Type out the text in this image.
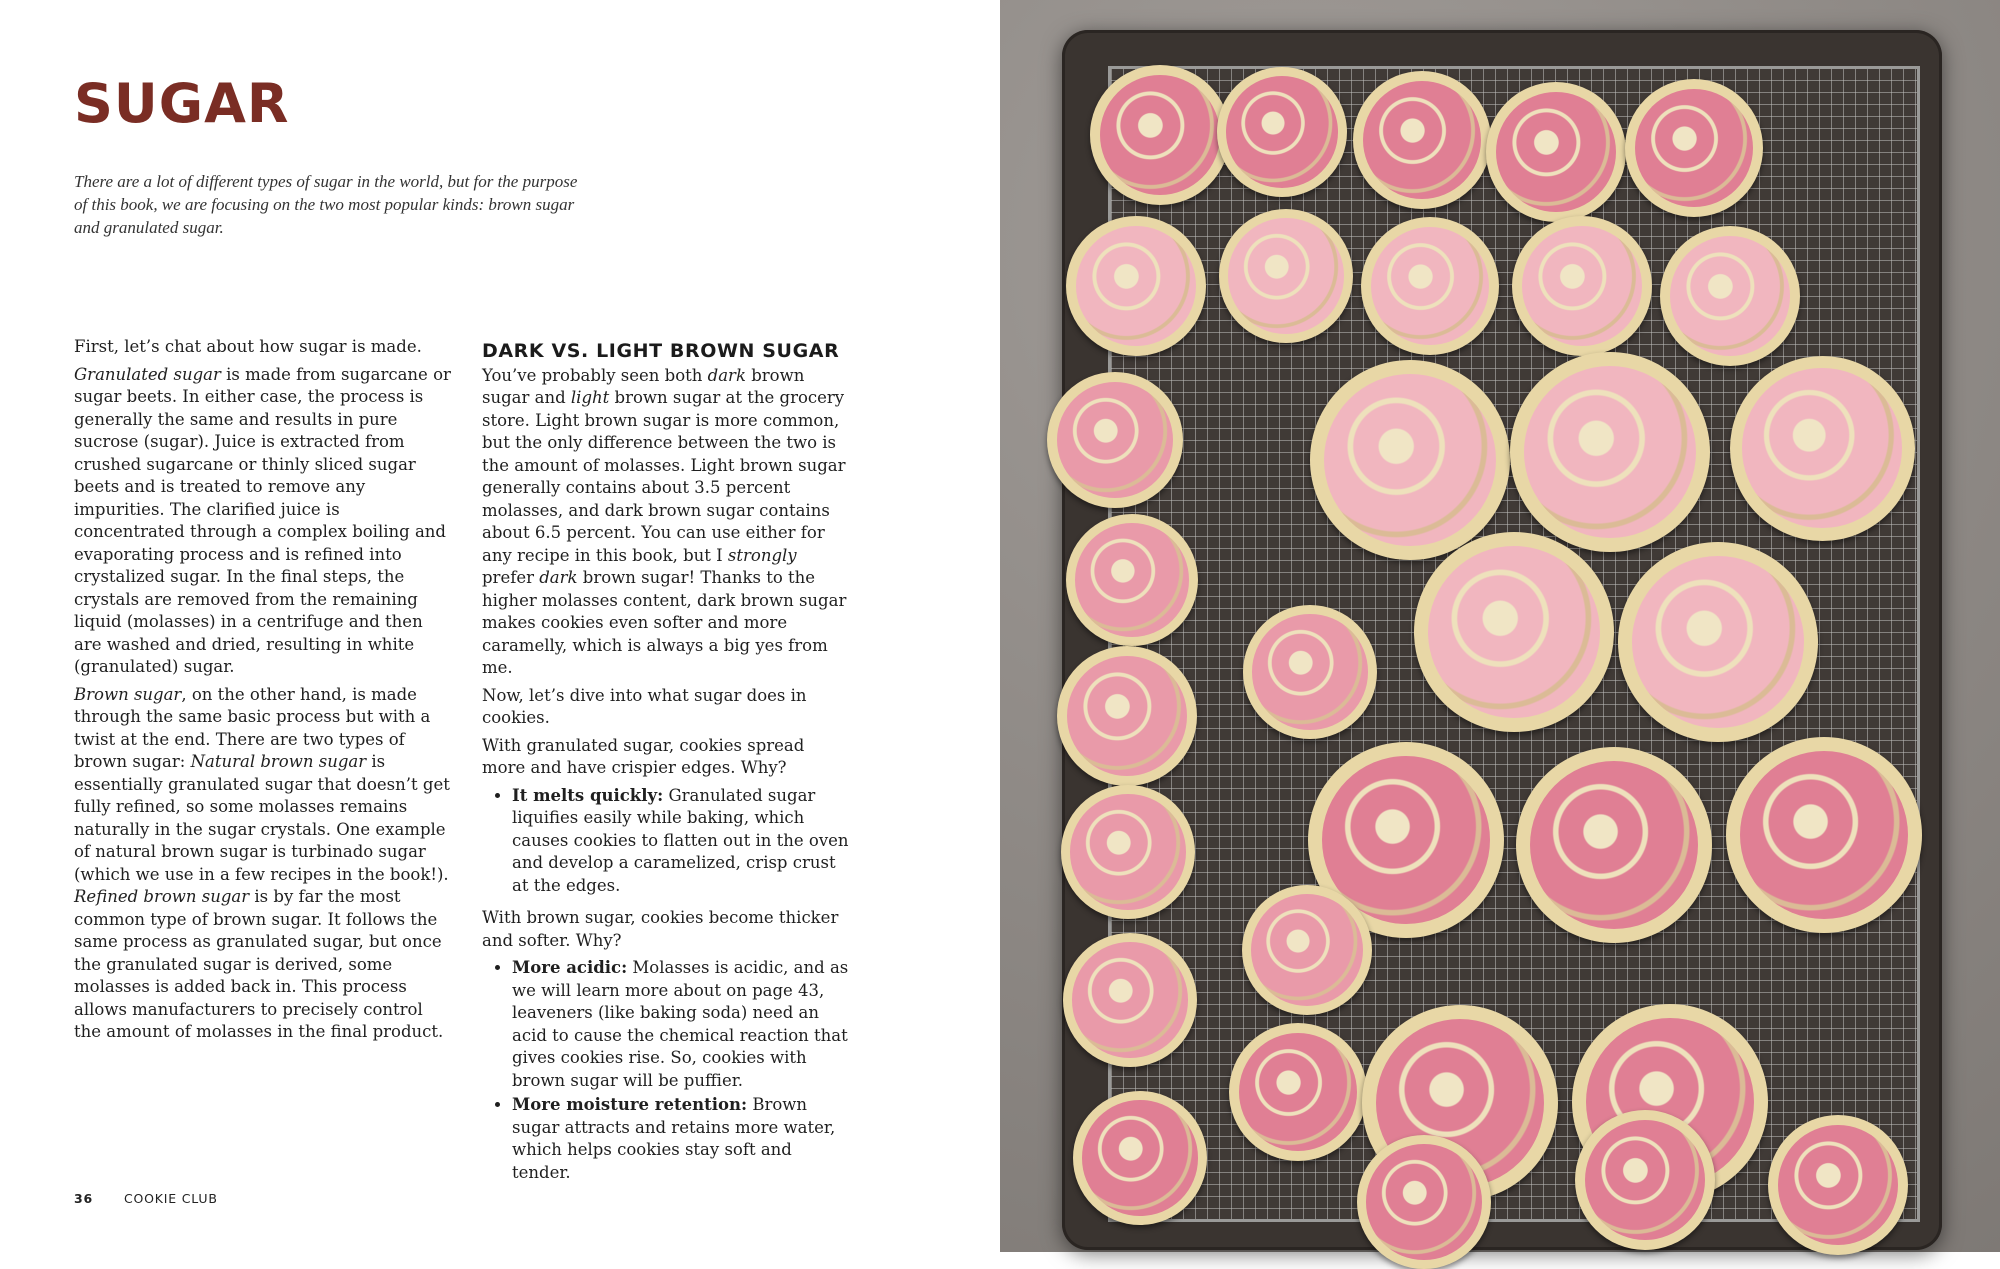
SUGAR

There are a lot of different types of sugar in the world, but for the purpose of this book, we are focusing on the two most popular kinds: brown sugar and granulated sugar.

First, let’s chat about how sugar is made.

Granulated sugar is made from sugarcane or sugar beets. In either case, the process is generally the same and results in pure sucrose (sugar). Juice is extracted from crushed sugarcane or thinly sliced sugar beets and is treated to remove any impurities. The clarified juice is concentrated through a complex boiling and evaporating process and is refined into crystalized sugar. In the final steps, the crystals are removed from the remaining liquid (molasses) in a centrifuge and then are washed and dried, resulting in white (granulated) sugar.

Brown sugar, on the other hand, is made through the same basic process but with a twist at the end. There are two types of brown sugar: Natural brown sugar is essentially granulated sugar that doesn’t get fully refined, so some molasses remains naturally in the sugar crystals. One example of natural brown sugar is turbinado sugar (which we use in a few recipes in the book!). Refined brown sugar is by far the most common type of brown sugar. It follows the same process as granulated sugar, but once the granulated sugar is derived, some molasses is added back in. This process allows manufacturers to precisely control the amount of molasses in the final product.

DARK VS. LIGHT BROWN SUGAR

You’ve probably seen both dark brown sugar and light brown sugar at the grocery store. Light brown sugar is more common, but the only difference between the two is the amount of molasses. Light brown sugar generally contains about 3.5 percent molasses, and dark brown sugar contains about 6.5 percent. You can use either for any recipe in this book, but I strongly prefer dark brown sugar! Thanks to the higher molasses content, dark brown sugar makes cookies even softer and more caramelly, which is always a big yes from me.

Now, let’s dive into what sugar does in cookies.

With granulated sugar, cookies spread more and have crispier edges. Why?

• It melts quickly: Granulated sugar liquifies easily while baking, which causes cookies to flatten out in the oven and develop a caramelized, crisp crust at the edges.

With brown sugar, cookies become thicker and softer. Why?

• More acidic: Molasses is acidic, and as we will learn more about on page 43, leaveners (like baking soda) need an acid to cause the chemical reaction that gives cookies rise. So, cookies with brown sugar will be puffier.
• More moisture retention: Brown sugar attracts and retains more water, which helps cookies stay soft and tender.
36 COOKIE CLUB
